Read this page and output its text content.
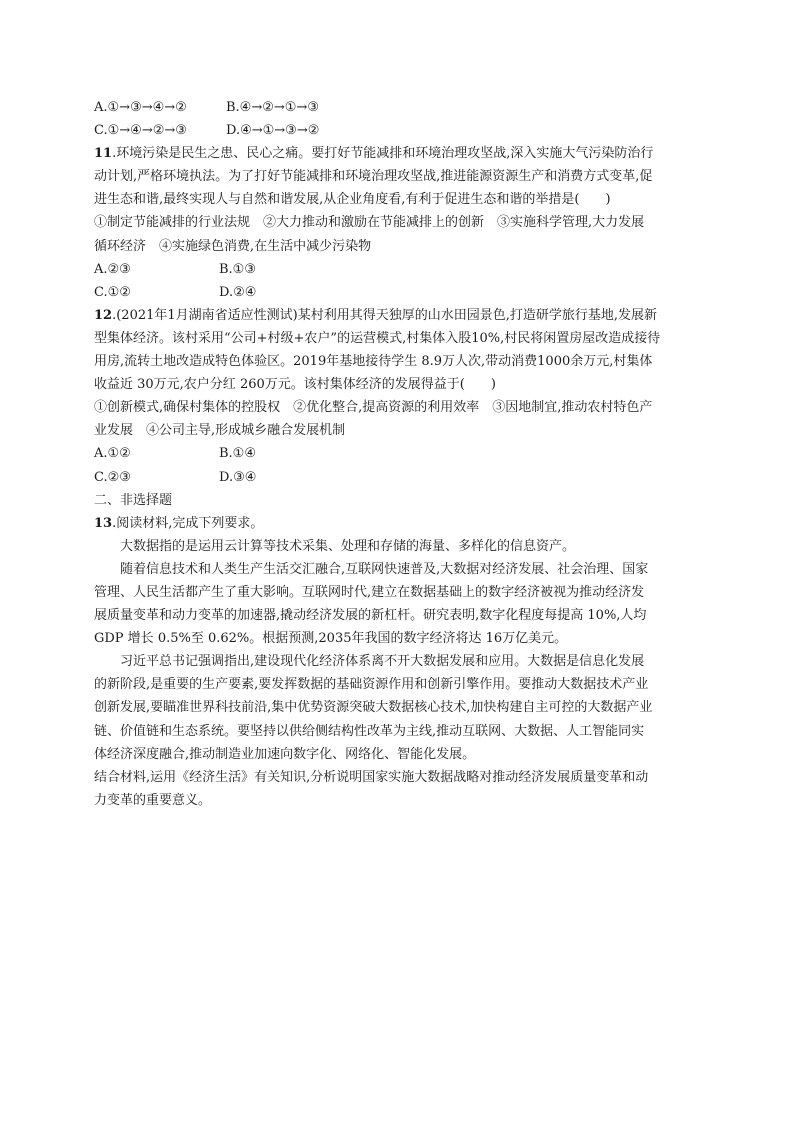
A.①→③→④→②	B.④→②→①→③
C.①→④→②→③	D.④→①→③→②
11.环境污染是民生之患、民心之痛。要打好节能减排和环境治理攻坚战,深入实施大气污染防治行
动计划,严格环境执法。为了打好节能减排和环境治理攻坚战,推进能源资源生产和消费方式变革,促
进生态和谐,最终实现人与自然和谐发展,从企业角度看,有利于促进生态和谐的举措是(　　)
①制定节能减排的行业法规　②大力推动和激励在节能减排上的创新　③实施科学管理,大力发展
循环经济　④实施绿色消费,在生活中减少污染物
A.②③	B.①③
C.①②	D.②④
12.(2021年1月湖南省适应性测试)某村利用其得天独厚的山水田园景色,打造研学旅行基地,发展新
型集体经济。该村采用“公司+村级+农户”的运营模式,村集体入股10%,村民将闲置房屋改造成接待
用房,流转土地改造成特色体验区。2019年基地接待学生 8.9万人次,带动消费1000余万元,村集体
收益近 30万元,农户分红 260万元。该村集体经济的发展得益于(　　)
①创新模式,确保村集体的控股权　②优化整合,提高资源的利用效率　③因地制宜,推动农村特色产
业发展　④公司主导,形成城乡融合发展机制
A.①②	B.①④
C.②③	D.③④
二、非选择题
13.阅读材料,完成下列要求。
大数据指的是运用云计算等技术采集、处理和存储的海量、多样化的信息资产。
随着信息技术和人类生产生活交汇融合,互联网快速普及,大数据对经济发展、社会治理、国家
管理、人民生活都产生了重大影响。互联网时代,建立在数据基础上的数字经济被视为推动经济发
展质量变革和动力变革的加速器,撬动经济发展的新杠杆。研究表明,数字化程度每提高 10%,人均
GDP 增长 0.5%至 0.62%。根据预测,2035年我国的数字经济将达 16万亿美元。
习近平总书记强调指出,建设现代化经济体系离不开大数据发展和应用。大数据是信息化发展
的新阶段,是重要的生产要素,要发挥数据的基础资源作用和创新引擎作用。要推动大数据技术产业
创新发展,要瞄准世界科技前沿,集中优势资源突破大数据核心技术,加快构建自主可控的大数据产业
链、价值链和生态系统。要坚持以供给侧结构性改革为主线,推动互联网、大数据、人工智能同实
体经济深度融合,推动制造业加速向数字化、网络化、智能化发展。
结合材料,运用《经济生活》有关知识,分析说明国家实施大数据战略对推动经济发展质量变革和动
力变革的重要意义。
